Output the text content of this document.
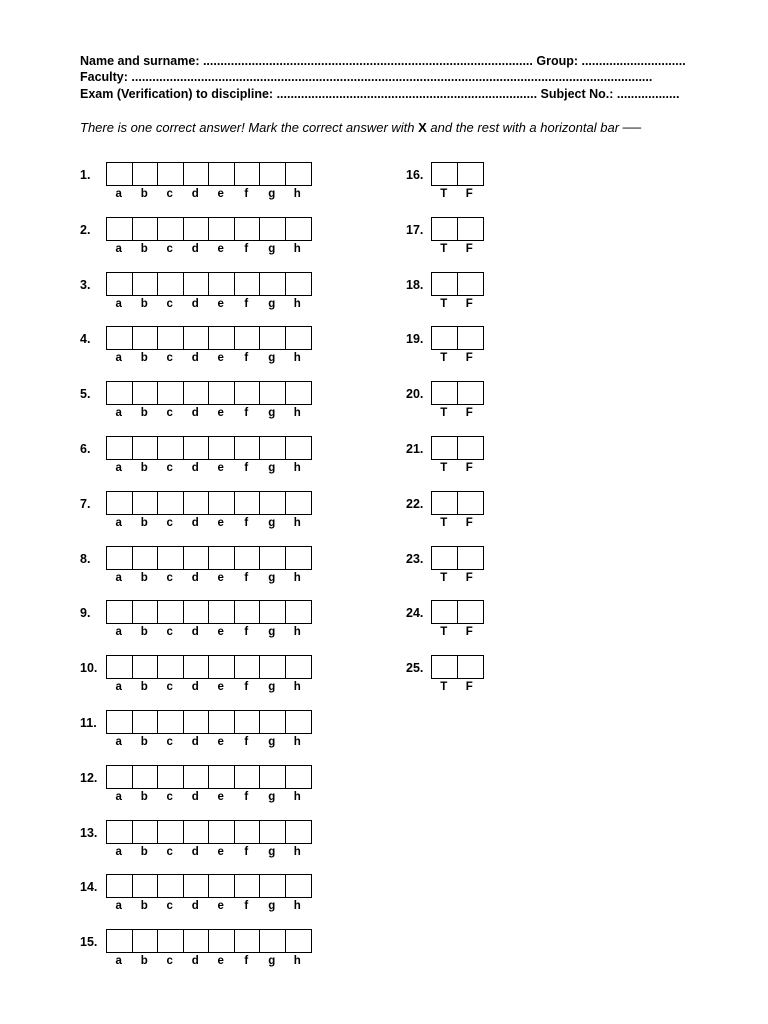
Name and surname: ............................................................................................... Group: ..............................
Faculty: ......................................................................................................................................................
Exam (Verification) to discipline: ........................................................................... Subject No.: ..................
There is one correct answer! Mark the correct answer with X and the rest with a horizontal bar ──
1.
a	b	c	d	e	f	g	h
2.
a	b	c	d	e	f	g	h
3.
a	b	c	d	e	f	g	h
4.
a	b	c	d	e	f	g	h
5.
a	b	c	d	e	f	g	h
6.
a	b	c	d	e	f	g	h
7.
a	b	c	d	e	f	g	h
8.
a	b	c	d	e	f	g	h
9.
a	b	c	d	e	f	g	h
10.
a	b	c	d	e	f	g	h
11.
a	b	c	d	e	f	g	h
12.
a	b	c	d	e	f	g	h
13.
a	b	c	d	e	f	g	h
14.
a	b	c	d	e	f	g	h
15.
a	b	c	d	e	f	g	h
16.
T	F
17.
T	F
18.
T	F
19.
T	F
20.
T	F
21.
T	F
22.
T	F
23.
T	F
24.
T	F
25.
T	F
